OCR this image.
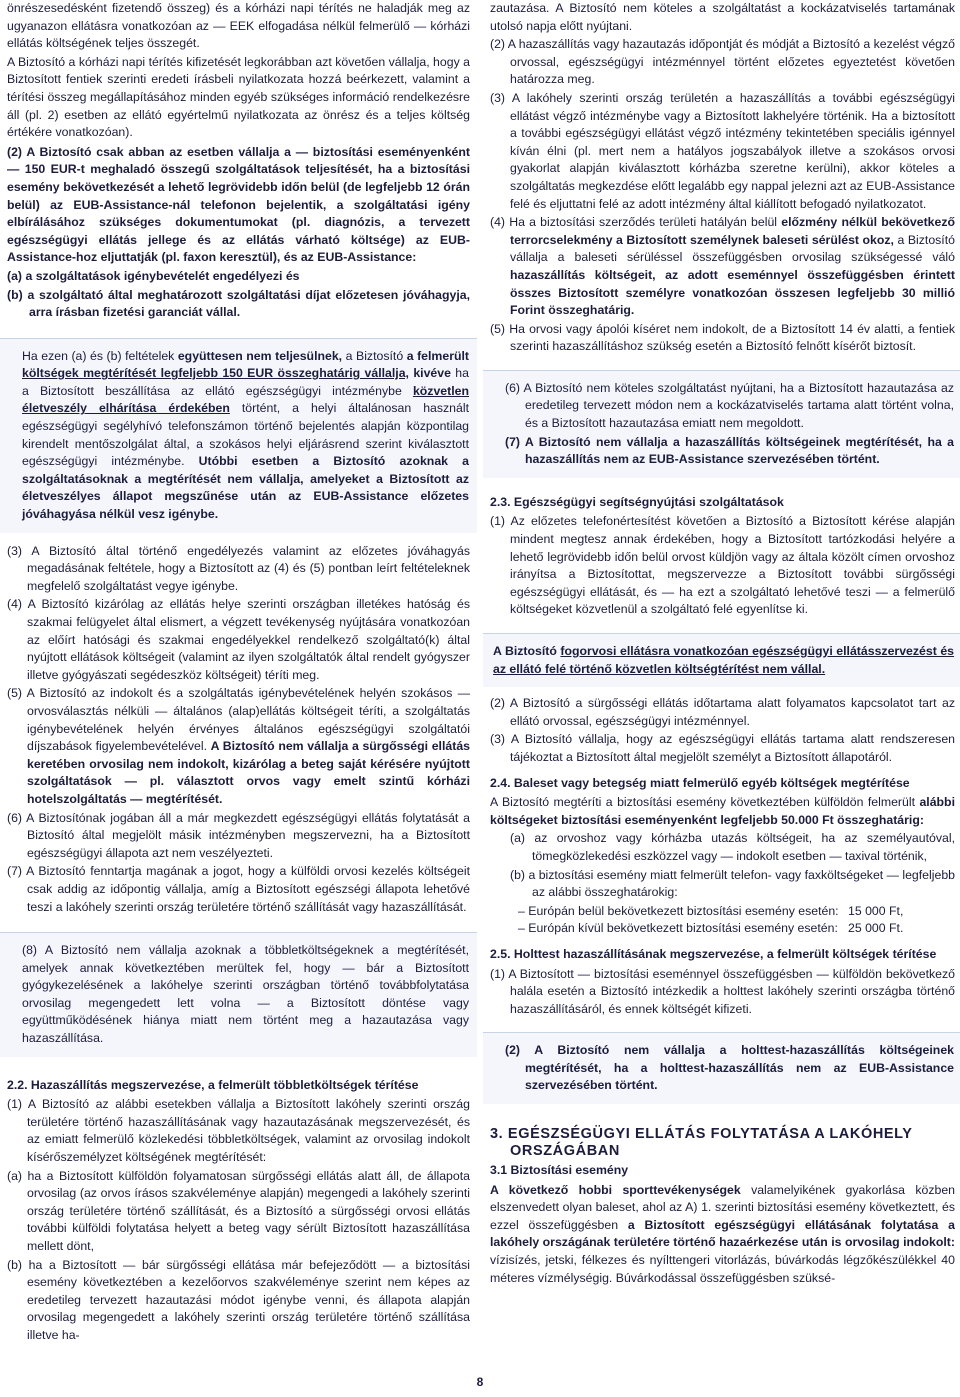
önrészesedésként fizetendő összeg) és a kórházi napi térítés ne haladják meg az ugyanazon ellátásra vonatkozóan az — EEK elfogadása nélkül felmerülő — kórházi ellátás költségének teljes összegét.

A Biztosító a kórházi napi térítés kifizetését legkorábban azt követően vállalja, hogy a Biztosított fentiek szerinti eredeti írásbeli nyilatkozata hozzá beérkezett, valamint a térítési összeg megállapításához minden egyéb szükséges információ rendelkezésre áll (pl. 2) esetben az ellátó egyértelmű nyilatkozata az önrész és a teljes költség értékére vonatkozóan).

(2) A Biztosító csak abban az esetben vállalja a — biztosítási eseményenként — 150 EUR-t meghaladó összegű szolgáltatások teljesítését, ha a biztosítási esemény bekövetkezését a lehető legrövidebb időn belül (de legfeljebb 12 órán belül) az EUB-Assistance-nál telefonon bejelentik, a szolgáltatási igény elbírálásához szükséges dokumentumokat (pl. diagnózis, a tervezett egészségügyi ellátás jellege és az ellátás várható költsége) az EUB-Assistance-hoz eljuttatják (pl. faxon keresztül), és az EUB-Assistance:

(a) a szolgáltatások igénybevételét engedélyezi és

(b) a szolgáltató által meghatározott szolgáltatási díjat előzetesen jóváhagyja, arra írásban fizetési garanciát vállal.

Ha ezen (a) és (b) feltételek együttesen nem teljesülnek, a Biztosító a felmerült költségek megtérítését legfeljebb 150 EUR összeghatárig vállalja, kivéve ha a Biztosított beszállítása az ellátó egészségügyi intézménybe közvetlen életveszély elhárítása érdekében történt, a helyi általánosan használt egészségügyi segélyhívó telefonszámon történő bejelentés alapján központilag kirendelt mentőszolgálat által, a szokásos helyi eljárásrend szerint kiválasztott egészségügyi intézménybe. Utóbbi esetben a Biztosító azoknak a szolgáltatásoknak a megtérítését nem vállalja, amelyeket a Biztosított az életveszélyes állapot megszűnése után az EUB-Assistance előzetes jóváhagyása nélkül vesz igénybe.

(3) A Biztosító által történő engedélyezés valamint az előzetes jóváhagyás megadásának feltétele, hogy a Biztosított az (4) és (5) pontban leírt feltételeknek megfelelő szolgáltatást vegye igénybe.

(4) A Biztosító kizárólag az ellátás helye szerinti országban illetékes hatóság és szakmai felügyelet által elismert, a végzett tevékenység nyújtására vonatkozóan az előírt hatósági és szakmai engedélyekkel rendelkező szolgáltató(k) által nyújtott ellátások költségeit (valamint az ilyen szolgáltatók által rendelt gyógyszer illetve gyógyászati segédeszköz költségeit) téríti meg.

(5) A Biztosító az indokolt és a szolgáltatás igénybevételének helyén szokásos — orvosválasztás nélküli — általános (alap)ellátás költségeit téríti, a szolgáltatás igénybevételének helyén érvényes általános egészségügyi szolgáltatói díjszabások figyelembevételével. A Biztosító nem vállalja a sürgősségi ellátás keretében orvosilag nem indokolt, kizárólag a beteg saját kérésére nyújtott szolgáltatások — pl. választott orvos vagy emelt szintű kórházi hotelszolgáltatás — megtérítését.

(6) A Biztosítónak jogában áll a már megkezdett egészségügyi ellátás folytatását a Biztosító által megjelölt másik intézményben megszervezni, ha a Biztosított egészségügyi állapota azt nem veszélyezteti.

(7) A Biztosító fenntartja magának a jogot, hogy a külföldi orvosi kezelés költségeit csak addig az időpontig vállalja, amíg a Biztosított egészségi állapota lehetővé teszi a lakóhely szerinti ország területére történő szállítását vagy hazaszállítását.

(8) A Biztosító nem vállalja azoknak a többletköltségeknek a megtérítését, amelyek annak következtében merültek fel, hogy — bár a Biztosított gyógykezelésének a lakóhelye szerinti országban történő továbbfolytatása orvosilag megengedett lett volna — a Biztosított döntése vagy együttműködésének hiánya miatt nem történt meg a hazautazása vagy hazaszállítása.

2.2. Hazaszállítás megszervezése, a felmerült többletköltségek térítése

(1) A Biztosító az alábbi esetekben vállalja a Biztosított lakóhely szerinti ország területére történő hazaszállításának vagy hazautazásának megszervezését, és az emiatt felmerülő közlekedési többletköltségek, valamint az orvosilag indokolt kísérőszemélyzet költségének megtérítését:

(a) ha a Biztosított külföldön folyamatosan sürgősségi ellátás alatt áll, de állapota orvosilag (az orvos írásos szakvéleménye alapján) megengedi a lakóhely szerinti ország területére történő szállítását, és a Biztosító a sürgősségi orvosi ellátás további külföldi folytatása helyett a beteg vagy sérült Biztosított hazaszállítása mellett dönt,

(b) ha a Biztosított — bár sürgősségi ellátása már befejeződött — a biztosítási esemény következtében a kezelőorvos szakvéleménye szerint nem képes az eredetileg tervezett hazautazási módot igénybe venni, és állapota alapján orvosilag megengedett a lakóhely szerinti ország területére történő szállítása illetve ha-

zautazása. A Biztosító nem köteles a szolgáltatást a kockázatviselés tartamának utolsó napja előtt nyújtani.

(2) A hazaszállítás vagy hazautazás időpontját és módját a Biztosító a kezelést végző orvossal, egészségügyi intézménnyel történt előzetes egyeztetést követően határozza meg.

(3) A lakóhely szerinti ország területén a hazaszállítás a további egészségügyi ellátást végző intézménybe vagy a Biztosított lakhelyére történik. Ha a biztosított a további egészségügyi ellátást végző intézmény tekintetében speciális igénnyel kíván élni (pl. mert nem a hatályos jogszabályok illetve a szokásos orvosi gyakorlat alapján kiválasztott kórházba szeretne kerülni), akkor köteles a szolgáltatás megkezdése előtt legalább egy nappal jelezni azt az EUB-Assistance felé és eljuttatni felé az adott intézmény által kiállított befogadó nyilatkozatot.

(4) Ha a biztosítási szerződés területi hatályán belül előzmény nélkül bekövetkező terrorcselekmény a Biztosított személynek baleseti sérülést okoz, a Biztosító vállalja a baleseti sérüléssel összefüggésben orvosilag szükségessé váló hazaszállítás költségeit, az adott eseménnyel összefüggésben érintett összes Biztosított személyre vonatkozóan összesen legfeljebb 30 millió Forint összeghatárig.

(5) Ha orvosi vagy ápolói kíséret nem indokolt, de a Biztosított 14 év alatti, a fentiek szerinti hazaszállításhoz szükség esetén a Biztosító felnőtt kísérőt biztosít.

(6) A Biztosító nem köteles szolgáltatást nyújtani, ha a Biztosított hazautazása az eredetileg tervezett módon nem a kockázatviselés tartama alatt történt volna, és a Biztosított hazautazása emiatt nem megoldott.

(7) A Biztosító nem vállalja a hazaszállítás költségeinek megtérítését, ha a hazaszállítás nem az EUB-Assistance szervezésében történt.

2.3. Egészségügyi segítségnyújtási szolgáltatások

(1) Az előzetes telefonértesítést követően a Biztosító a Biztosított kérése alapján mindent megtesz annak érdekében, hogy a Biztosított tartózkodási helyére a lehető legrövidebb időn belül orvost küldjön vagy az általa közölt címen orvoshoz irányítsa a Biztosítottat, megszervezze a Biztosított további sürgősségi egészségügyi ellátását, és — ha ezt a szolgáltató lehetővé teszi — a felmerülő költségeket közvetlenül a szolgáltató felé egyenlítse ki.

A Biztosító fogorvosi ellátásra vonatkozóan egészségügyi ellátásszervezést és az ellátó felé történő közvetlen költségtérítést nem vállal.

(2) A Biztosító a sürgősségi ellátás időtartama alatt folyamatos kapcsolatot tart az ellátó orvossal, egészségügyi intézménnyel.

(3) A Biztosító vállalja, hogy az egészségügyi ellátás tartama alatt rendszeresen tájékoztat a Biztosított által megjelölt személyt a Biztosított állapotáról.

2.4. Baleset vagy betegség miatt felmerülő egyéb költségek megtérítése

A Biztosító megtéríti a biztosítási esemény következtében külföldön felmerült alábbi költségeket biztosítási eseményenként legfeljebb 50.000 Ft összeghatárig:

(a) az orvoshoz vagy kórházba utazás költségeit, ha az személyautóval, tömegközlekedési eszközzel vagy — indokolt esetben — taxival történik,

(b) a biztosítási esemény miatt felmerült telefon- vagy faxköltségeket — legfeljebb az alábbi összeghatárokig:

– Európán belül bekövetkezett biztosítási esemény esetén: 15 000 Ft,
– Európán kívül bekövetkezett biztosítási esemény esetén: 25 000 Ft.

2.5. Holttest hazaszállításának megszervezése, a felmerült költségek térítése

(1) A Biztosított — biztosítási eseménnyel összefüggésben — külföldön bekövetkező halála esetén a Biztosító intézkedik a holttest lakóhely szerinti országba történő hazaszállításáról, és ennek költségét kifizeti.

(2) A Biztosító nem vállalja a holttest-hazaszállítás költségeinek megtérítését, ha a holttest-hazaszállítás nem az EUB-Assistance szervezésében történt.

3. EGÉSZSÉGÜGYI ELLÁTÁS FOLYTATÁSA A LAKÓHELY ORSZÁGÁBAN

3.1 Biztosítási esemény

A következő hobbi sporttevékenységek valamelyikének gyakorlása közben elszenvedett olyan baleset, ahol az A) 1. szerinti biztosítási esemény következtett, és ezzel összefüggésben a Biztosított egészségügyi ellátásának folytatása a lakóhely országának területére történő hazaérkezése után is orvosilag indokolt: vízisízés, jetski, félkezes és nyílttengeri vitorlázás, búvárkodás légzőkészülékkel 40 méteres vízmélységig. Búvárkodással összefüggésben szüksé-

8
